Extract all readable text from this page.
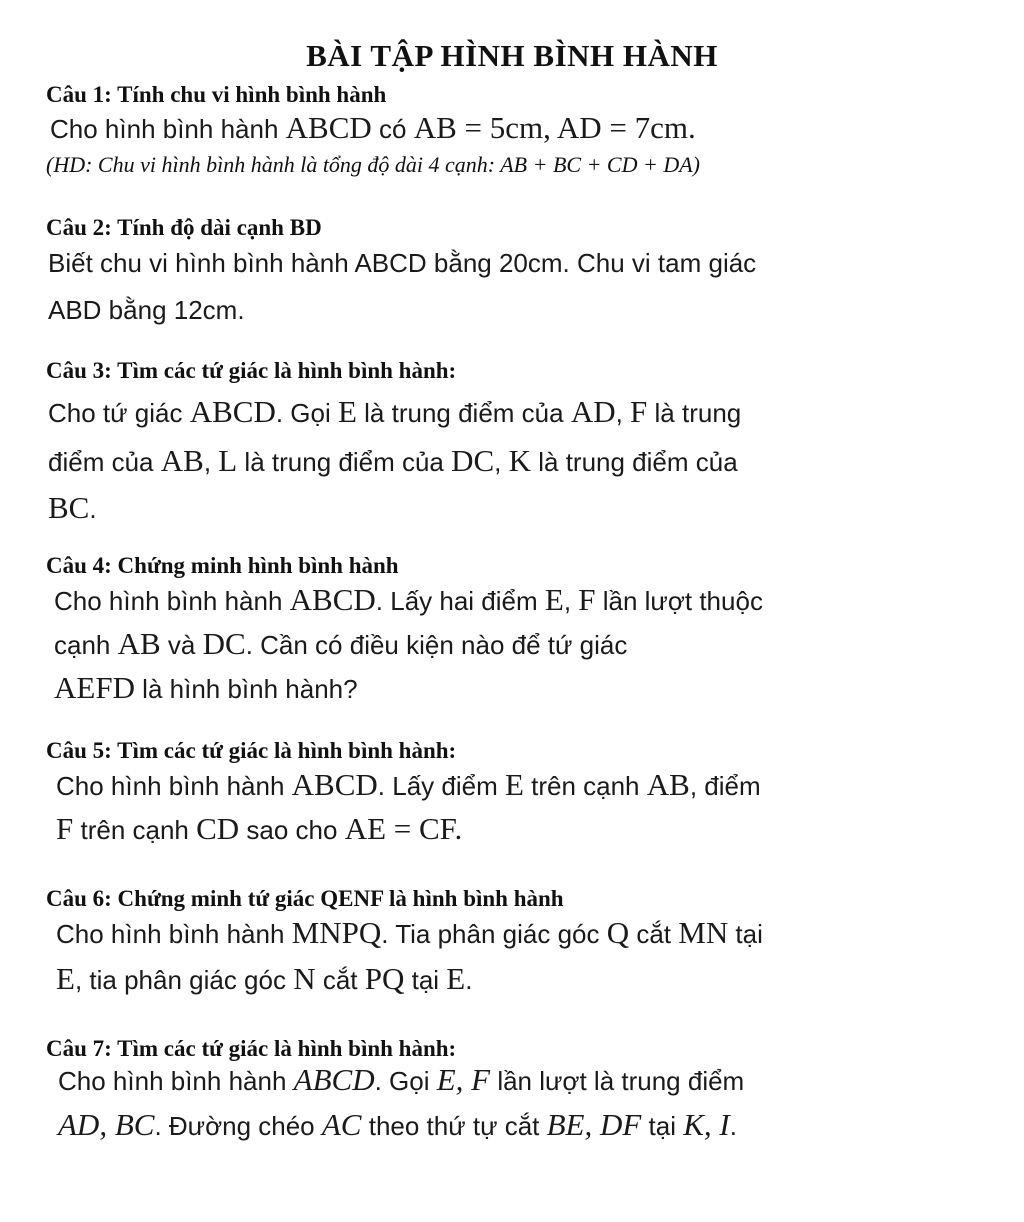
BÀI TẬP HÌNH BÌNH HÀNH
Câu 1: Tính chu vi hình bình hành
Cho hình bình hành ABCD có AB = 5cm, AD = 7cm.
(HD: Chu vi hình bình hành là tổng độ dài 4 cạnh: AB + BC + CD + DA)
Câu 2: Tính độ dài cạnh BD
Biết chu vi hình bình hành ABCD bằng 20cm. Chu vi tam giác
ABD bằng 12cm.
Câu 3: Tìm các tứ giác là hình bình hành:
Cho tứ giác ABCD. Gọi E là trung điểm của AD, F là trung
điểm của AB, L là trung điểm của DC, K là trung điểm của
BC.
Câu 4: Chứng minh hình bình hành
Cho hình bình hành ABCD. Lấy hai điểm E, F lần lượt thuộc
cạnh AB và DC. Cần có điều kiện nào để tứ giác
AEFD là hình bình hành?
Câu 5: Tìm các tứ giác là hình bình hành:
Cho hình bình hành ABCD. Lấy điểm E trên cạnh AB, điểm
F trên cạnh CD sao cho AE = CF.
Câu 6: Chứng minh tứ giác QENF là hình bình hành
Cho hình bình hành MNPQ. Tia phân giác góc Q cắt MN tại
E, tia phân giác góc N cắt PQ tại E.
Câu 7: Tìm các tứ giác là hình bình hành:
Cho hình bình hành ABCD. Gọi E, F lần lượt là trung điểm
AD, BC. Đường chéo AC theo thứ tự cắt BE, DF tại K, I.
